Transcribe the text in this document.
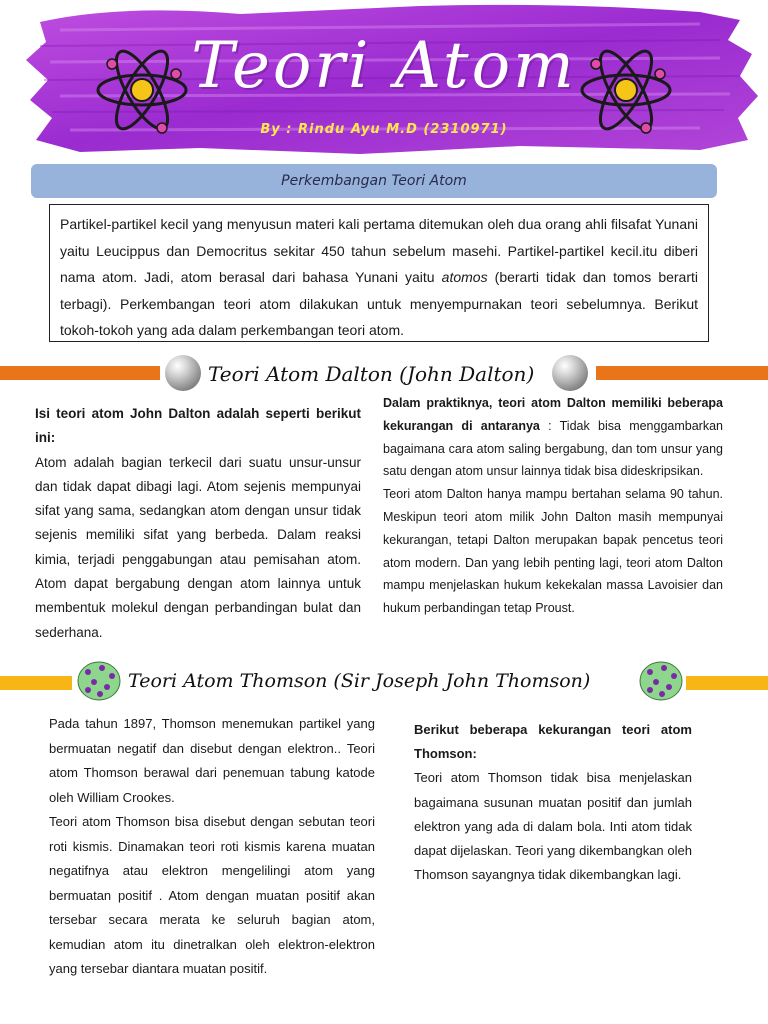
Teori Atom
By : Rindu Ayu M.D (2310971)
Perkembangan Teori Atom
Partikel-partikel kecil yang menyusun materi kali pertama ditemukan oleh dua orang ahli filsafat Yunani yaitu Leucippus dan Democritus sekitar 450 tahun sebelum masehi. Partikel-partikel kecil.itu diberi nama atom. Jadi, atom berasal dari bahasa Yunani yaitu atomos (berarti tidak dan tomos berarti terbagi). Perkembangan teori atom dilakukan untuk menyempurnakan teori sebelumnya. Berikut tokoh-tokoh yang ada dalam perkembangan teori atom.
Teori Atom Dalton (John Dalton)

Isi teori atom John Dalton adalah seperti berikut ini:

Atom adalah bagian terkecil dari suatu unsur-unsur dan tidak dapat dibagi lagi. Atom sejenis mempunyai sifat yang sama, sedangkan atom dengan unsur tidak sejenis memiliki sifat yang berbeda. Dalam reaksi kimia, terjadi penggabungan atau pemisahan atom. Atom dapat bergabung dengan atom lainnya untuk membentuk molekul dengan perbandingan bulat dan sederhana.

Dalam praktiknya, teori atom Dalton memiliki beberapa kekurangan di antaranya : Tidak bisa menggambarkan bagaimana cara atom saling bergabung, dan tom unsur yang satu dengan atom unsur lainnya tidak bisa dideskripsikan.

Teori atom Dalton hanya mampu bertahan selama 90 tahun. Meskipun teori atom milik John Dalton masih mempunyai kekurangan, tetapi Dalton merupakan bapak pencetus teori atom modern. Dan yang lebih penting lagi, teori atom Dalton mampu menjelaskan hukum kekekalan massa Lavoisier dan hukum perbandingan tetap Proust.

Teori Atom Thomson (Sir Joseph John Thomson)

Pada tahun 1897, Thomson menemukan partikel yang bermuatan negatif dan disebut dengan elektron.. Teori atom Thomson berawal dari penemuan tabung katode oleh William Crookes.

Teori atom Thomson bisa disebut dengan sebutan teori roti kismis. Dinamakan teori roti kismis karena muatan negatifnya atau elektron mengelilingi atom yang bermuatan positif . Atom dengan muatan positif akan tersebar secara merata ke seluruh bagian atom, kemudian atom itu dinetralkan oleh elektron-elektron yang tersebar diantara muatan positif.

Berikut beberapa kekurangan teori atom Thomson:

Teori atom Thomson tidak bisa menjelaskan bagaimana susunan muatan positif dan jumlah elektron yang ada di dalam bola. Inti atom tidak dapat dijelaskan. Teori yang dikembangkan oleh Thomson sayangnya tidak dikembangkan lagi.
